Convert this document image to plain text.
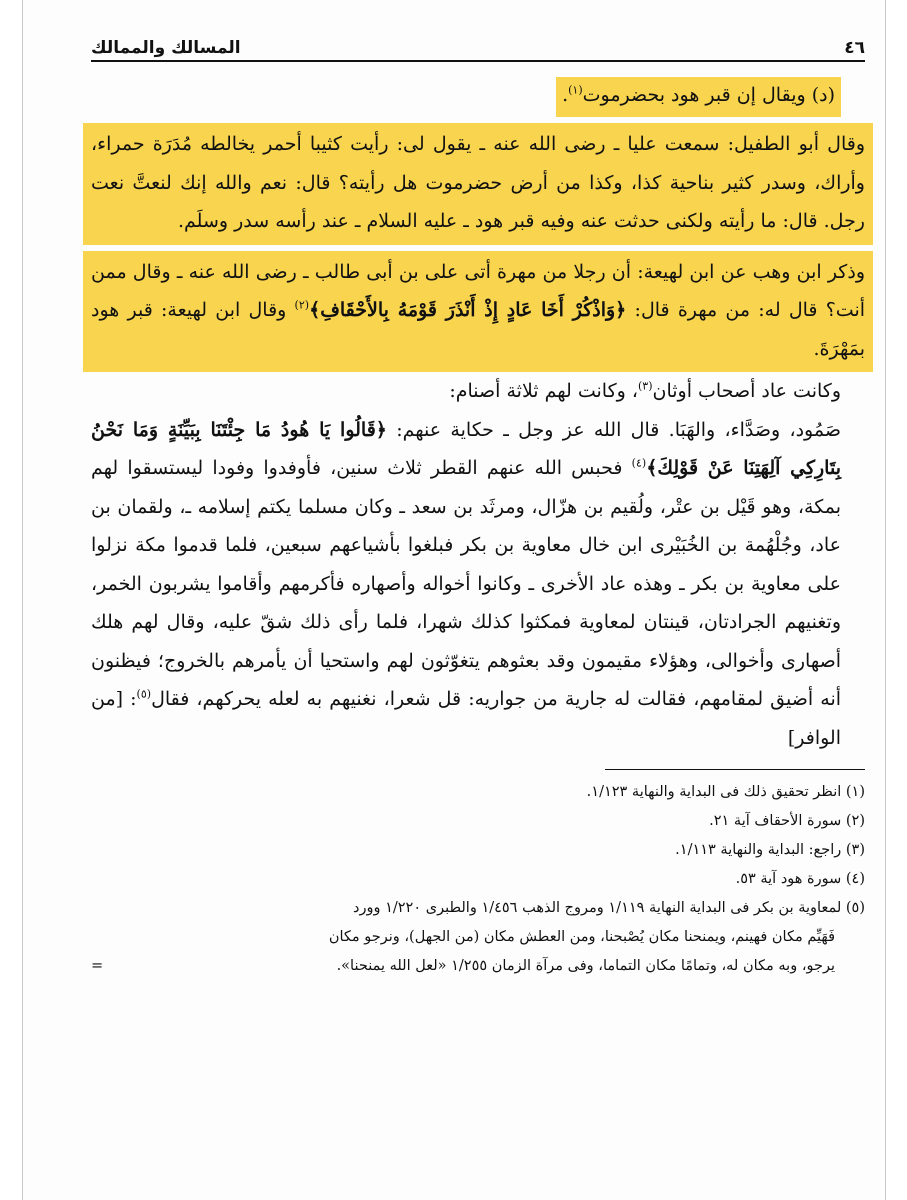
٤٦
المسالك والممالك

(د) ويقال إن قبر هود بحضرموت$^{(١)}$.

وقال أبو الطفيل: سمعت عليا ـ رضى الله عنه ـ يقول لى: رأيت كثيبا أحمر يخالطه مُدَرَة حمراء، وأراك، وسدر كثير بناحية كذا، وكذا من أرض حضرموت هل رأيته؟ قال: نعم والله إنك لنعتَّ نعت رجل. قال: ما رأيته ولكنى حدثت عنه وفيه قبر هود ـ عليه السلام ـ عند رأسه سدر وسلَم.

وذكر ابن وهب عن ابن لهيعة: أن رجلا من مهرة أتى على بن أبى طالب ـ رضى الله عنه ـ وقال ممن أنت؟ قال له: من مهرة قال: ﴿وَاذْكُرْ أَخَا عَادٍ إِذْ أَنْذَرَ قَوْمَهُ بِالأَحْقَافِ﴾$^{(٢)}$ وقال ابن لهيعة: قبر هود بمَهْرَةَ.

وكانت عاد أصحاب أوثان$^{(٣)}$، وكانت لهم ثلاثة أصنام:

صَمُود، وصَدَّاء، والهَبَا. قال الله عز وجل ـ حكاية عنهم: ﴿قَالُوا يَا هُودُ مَا جِئْتَنَا بِبَيِّنَةٍ وَمَا نَحْنُ بِتَارِكِي آلِهَتِنَا عَنْ قَوْلِكَ﴾$^{(٤)}$ فحبس الله عنهم القطر ثلاث سنين، فأوفدوا وفودا ليستسقوا لهم بمكة، وهو قَيْل بن عتْر، ولُقيم بن هزّال، ومرثَد بن سعد ـ وكان مسلما يكتم إسلامه ـ، ولقمان بن عاد، وجُلْهُمة بن الخُبَيْرى ابن خال معاوية بن بكر فبلغوا بأشياعهم سبعين، فلما قدموا مكة نزلوا على معاوية بن بكر ـ وهذه عاد الأخرى ـ وكانوا أخواله وأصهاره فأكرمهم وأقاموا يشربون الخمر، وتغنيهم الجرادتان، قينتان لمعاوية فمكثوا كذلك شهرا، فلما رأى ذلك شقّ عليه، وقال لهم هلك أصهارى وأخوالى، وهؤلاء مقيمون وقد بعثوهم يتغوّثون لهم واستحيا أن يأمرهم بالخروج؛ فيظنون أنه أضيق لمقامهم، فقالت له جارية من جواريه: قل شعرا، نغنيهم به لعله يحركهم، فقال$^{(٥)}$: [من الوافر]

(١) انظر تحقيق ذلك فى البداية والنهاية ١/١٢٣.

(٢) سورة الأحقاف آية ٢١.

(٣) راجع: البداية والنهاية ١/١١٣.

(٤) سورة هود آية ٥٣.

(٥) لمعاوية بن بكر فى البداية النهاية ١/١١٩ ومروج الذهب ١/٤٥٦ والطبرى ١/٢٢٠ وورد
فَهَيِّم مكان فهينم، ويمنحنا مكان يُصْبحنا، ومن العطش مكان (من الجهل)، ونرجو مكان
يرجو، وبه مكان له، وتمامًا مكان التماما، وفى مرآة الزمان ١/٢٥٥ «لعل الله يمنحنا».
=
